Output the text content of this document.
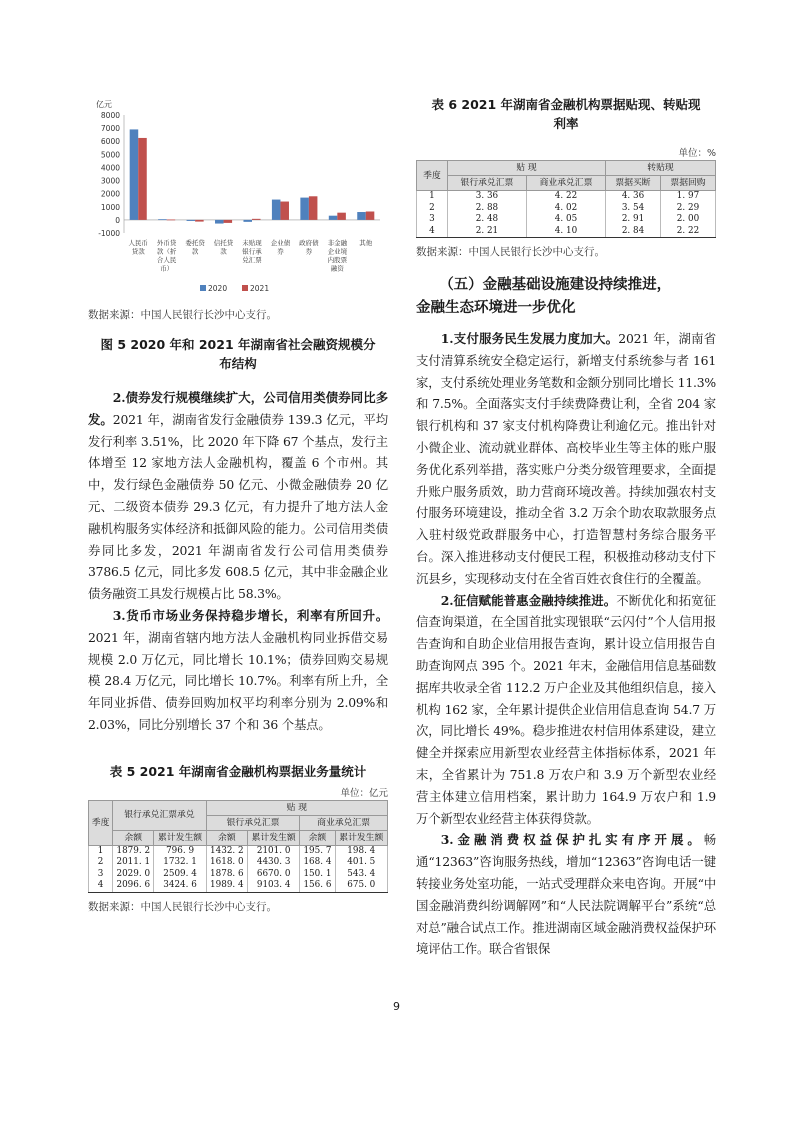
亿元
-1000
0
1000
2000
3000
4000
5000
6000
7000
8000
人民币贷款
外币贷款（折合人民币）
委托贷款
信托贷款
未贴现银行承兑汇票
企业债券
政府债券
非金融企业境内股票融资
其他
2020	2021
数据来源：中国人民银行长沙中心支行。
图 5 2020 年和 2021 年湖南省社会融资规模分
布结构

2.债券发行规模继续扩大，公司信用类债券同比多发。2021 年，湖南省发行金融债券 139.3 亿元，平均发行利率 3.51%，比 2020 年下降 67 个基点，发行主体增至 12 家地方法人金融机构，覆盖 6 个市州。其中，发行绿色金融债券 50 亿元、小微金融债券 20 亿元、二级资本债券 29.3 亿元，有力提升了地方法人金融机构服务实体经济和抵御风险的能力。公司信用类债券同比多发，2021 年湖南省发行公司信用类债券 3786.5 亿元，同比多发 608.5 亿元，其中非金融企业债务融资工具发行规模占比 58.3%。

3.货币市场业务保持稳步增长，利率有所回升。2021 年，湖南省辖内地方法人金融机构同业拆借交易规模 2.0 万亿元，同比增长 10.1%；债券回购交易规模 28.4 万亿元，同比增长 10.7%。利率有所上升，全年同业拆借、债券回购加权平均利率分别为 2.09%和 2.03%，同比分别增长 37 个和 36 个基点。

表 5 2021 年湖南省金融机构票据业务量统计
单位：亿元
季度	银行承兑汇票承兑		贴 现			
			银行承兑汇票		商业承兑汇票	
	余额	累计发生额	余额	累计发生额	余额	累计发生额
1	1879. 2	796. 9	1432. 2	2101. 0	195. 7	198. 4
2	2011. 1	1732. 1	1618. 0	4430. 3	168. 4	401. 5
3	2029. 0	2509. 4	1878. 6	6670. 0	150. 1	543. 4
4	2096. 6	3424. 6	1989. 4	9103. 4	156. 6	675. 0
数据来源：中国人民银行长沙中心支行。
表 6 2021 年湖南省金融机构票据贴现、转贴现
利率
单位：%
季度	贴 现		转贴现	
	银行承兑汇票	商业承兑汇票	票据买断	票据回购
1	3. 36	4. 22	4. 36	1. 97
2	2. 88	4. 02	3. 54	2. 29
3	2. 48	4. 05	2. 91	2. 00
4	2. 21	4. 10	2. 84	2. 22
数据来源：中国人民银行长沙中心支行。
（五）金融基础设施建设持续推进，
金融生态环境进一步优化

1.支付服务民生发展力度加大。2021 年，湖南省支付清算系统安全稳定运行，新增支付系统参与者 161 家，支付系统处理业务笔数和金额分别同比增长 11.3%和 7.5%。全面落实支付手续费降费让利，全省 204 家银行机构和 37 家支付机构降费让利逾亿元。推出针对小微企业、流动就业群体、高校毕业生等主体的账户服务优化系列举措，落实账户分类分级管理要求，全面提升账户服务质效，助力营商环境改善。持续加强农村支付服务环境建设，推动全省 3.2 万余个助农取款服务点入驻村级党政群服务中心，打造智慧村务综合服务平台。深入推进移动支付便民工程，积极推动移动支付下沉县乡，实现移动支付在全省百姓衣食住行的全覆盖。

2.征信赋能普惠金融持续推进。不断优化和拓宽征信查询渠道，在全国首批实现银联“云闪付”个人信用报告查询和自助企业信用报告查询，累计设立信用报告自助查询网点 395 个。2021 年末，金融信用信息基础数据库共收录全省 112.2 万户企业及其他组织信息，接入机构 162 家，全年累计提供企业信用信息查询 54.7 万次，同比增长 49%。稳步推进农村信用体系建设，建立健全并探索应用新型农业经营主体指标体系，2021 年末，全省累计为 751.8 万农户和 3.9 万个新型农业经营主体建立信用档案，累计助力 164.9 万农户和 1.9 万个新型农业经营主体获得贷款。

3.金融消费权益保护扎实有序开展。畅通“12363”咨询服务热线，增加“12363”咨询电话一键转接业务处室功能，一站式受理群众来电咨询。开展“中国金融消费纠纷调解网”和“人民法院调解平台”系统“总对总”融合试点工作。推进湖南区域金融消费权益保护环境评估工作。联合省银保

9
